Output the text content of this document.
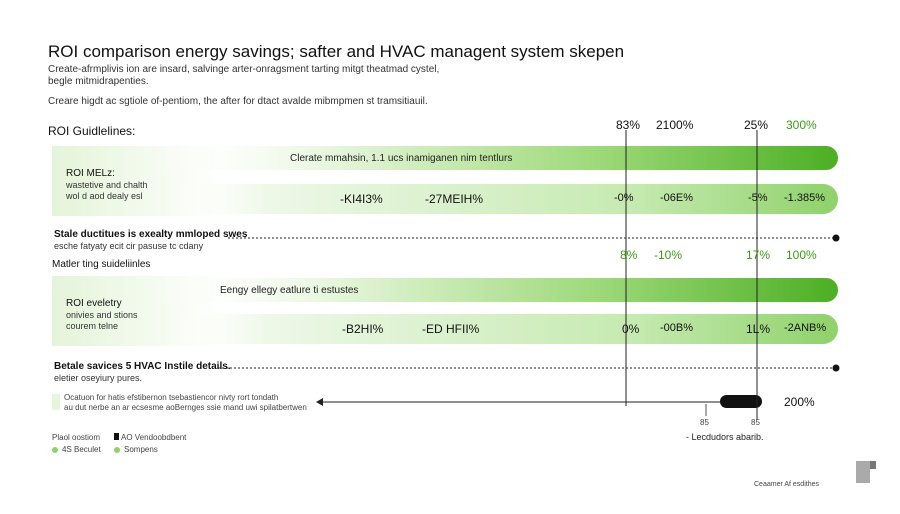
ROI comparison energy savings; safter and HVAC managent system skepen
Create-afrmplivis ion are insard, salvinge arter-onragsment tarting mitgt theatmad cystel,
begle mitmidrapenties.
Creare higdt ac sgtiole of-pentiom, the after for dtact avalde mibmpmen st tramsitiauil.
ROI Guidlelines:	83% 2100%	25% 300%
Clerate mmahsin, 1.1 ucs inamiganen nim tentlurs
ROI MELz:
wastetive and chalth
wol d aod dealy esl	-KI4I3%	-27MEIH%	-0% -06E%	-5% -1.385%
Stale ductitues is exealty mmloped swes
esche fatyaty ecit cir pasuse tc cdany
Matler ting suideliinles
8% -10%	17% 100%
Eengy ellegy eatlure ti estustes
ROI eveletry
onivies and stions
courem telne	-B2HI%	-ED HFII%	0% -00B%	1L% -2ANB%
Betale savices 5 HVAC Instile details.
eletier oseyiury pures.
Ocatuon for hatis efstibernon tsebastiencor nivty rort tondath
au dut nerbe an ar ecsesme aoBernges ssie mand uwi spilatbertwen	200%
85	85
- Lecdudors abarib.
Plaol oostiom	AO Vendoobdbent
4S Beculet	Sompens
Ceaamer Af esdithes
